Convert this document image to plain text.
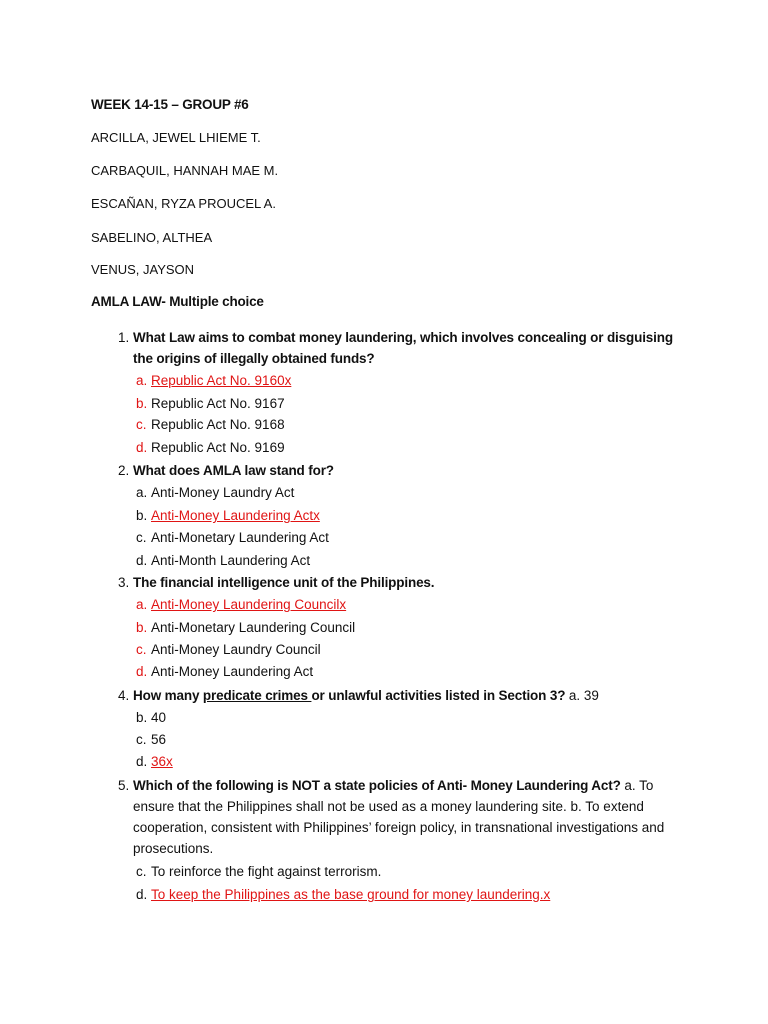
WEEK 14-15 – GROUP #6
ARCILLA, JEWEL LHIEME T.
CARBAQUIL, HANNAH MAE M.
ESCAÑAN, RYZA PROUCEL A.
SABELINO, ALTHEA
VENUS, JAYSON
AMLA LAW- Multiple choice
1. What Law aims to combat money laundering, which involves concealing or disguising the origins of illegally obtained funds?
a. Republic Act No. 9160x
b. Republic Act No. 9167
c. Republic Act No. 9168
d. Republic Act No. 9169
2. What does AMLA law stand for?
a. Anti-Money Laundry Act
b. Anti-Money Laundering Actx
c. Anti-Monetary Laundering Act
d. Anti-Month Laundering Act
3. The financial intelligence unit of the Philippines.
a. Anti-Money Laundering Councilx
b. Anti-Monetary Laundering Council
c. Anti-Money Laundry Council
d. Anti-Money Laundering Act
4. How many predicate crimes or unlawful activities listed in Section 3? a. 39
b. 40
c. 56
d. 36x
5. Which of the following is NOT a state policies of Anti- Money Laundering Act? a. To ensure that the Philippines shall not be used as a money laundering site. b. To extend cooperation, consistent with Philippines’ foreign policy, in transnational investigations and prosecutions.
c. To reinforce the fight against terrorism.
d. To keep the Philippines as the base ground for money laundering.x
